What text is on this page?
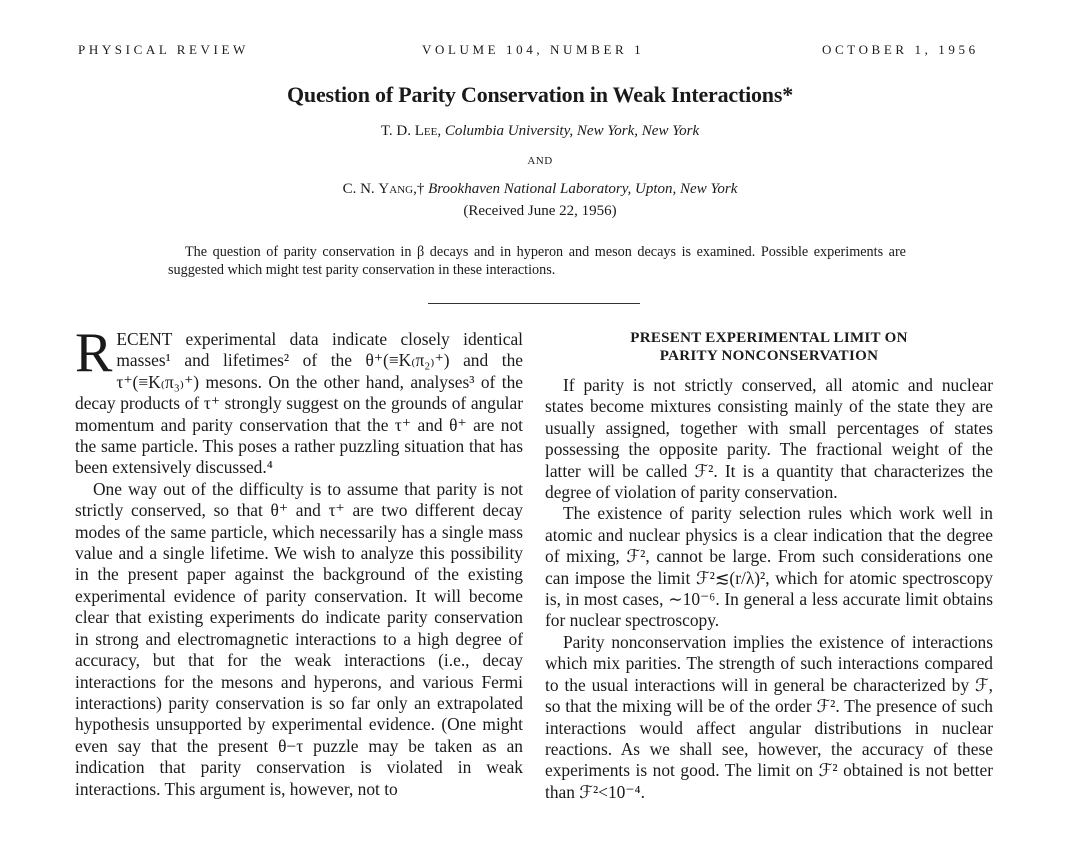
PHYSICAL REVIEW	VOLUME 104, NUMBER 1	OCTOBER 1, 1956
Question of Parity Conservation in Weak Interactions*
T. D. Lee, Columbia University, New York, New York
AND
C. N. Yang,† Brookhaven National Laboratory, Upton, New York
(Received June 22, 1956)
The question of parity conservation in β decays and in hyperon and meson decays is examined. Possible experiments are suggested which might test parity conservation in these interactions.

RECENT experimental data indicate closely identical masses¹ and lifetimes² of the θ⁺(≡K₍π₂₎⁺) and the τ⁺(≡K₍π₃₎⁺) mesons. On the other hand, analyses³ of the decay products of τ⁺ strongly suggest on the grounds of angular momentum and parity conservation that the τ⁺ and θ⁺ are not the same particle. This poses a rather puzzling situation that has been extensively discussed.⁴

One way out of the difficulty is to assume that parity is not strictly conserved, so that θ⁺ and τ⁺ are two different decay modes of the same particle, which necessarily has a single mass value and a single lifetime. We wish to analyze this possibility in the present paper against the background of the existing experimental evidence of parity conservation. It will become clear that existing experiments do indicate parity conservation in strong and electromagnetic interactions to a high degree of accuracy, but that for the weak interactions (i.e., decay interactions for the mesons and hyperons, and various Fermi interactions) parity conservation is so far only an extrapolated hypothesis unsupported by experimental evidence. (One might even say that the present θ−τ puzzle may be taken as an indication that parity conservation is violated in weak interactions. This argument is, however, not to

PRESENT EXPERIMENTAL LIMIT ON
PARITY NONCONSERVATION

If parity is not strictly conserved, all atomic and nuclear states become mixtures consisting mainly of the state they are usually assigned, together with small percentages of states possessing the opposite parity. The fractional weight of the latter will be called ℱ². It is a quantity that characterizes the degree of violation of parity conservation.

The existence of parity selection rules which work well in atomic and nuclear physics is a clear indication that the degree of mixing, ℱ², cannot be large. From such considerations one can impose the limit ℱ²≲(r/λ)², which for atomic spectroscopy is, in most cases, ∼10⁻⁶. In general a less accurate limit obtains for nuclear spectroscopy.

Parity nonconservation implies the existence of interactions which mix parities. The strength of such interactions compared to the usual interactions will in general be characterized by ℱ, so that the mixing will be of the order ℱ². The presence of such interactions would affect angular distributions in nuclear reactions. As we shall see, however, the accuracy of these experiments is not good. The limit on ℱ² obtained is not better than ℱ²<10⁻⁴.
